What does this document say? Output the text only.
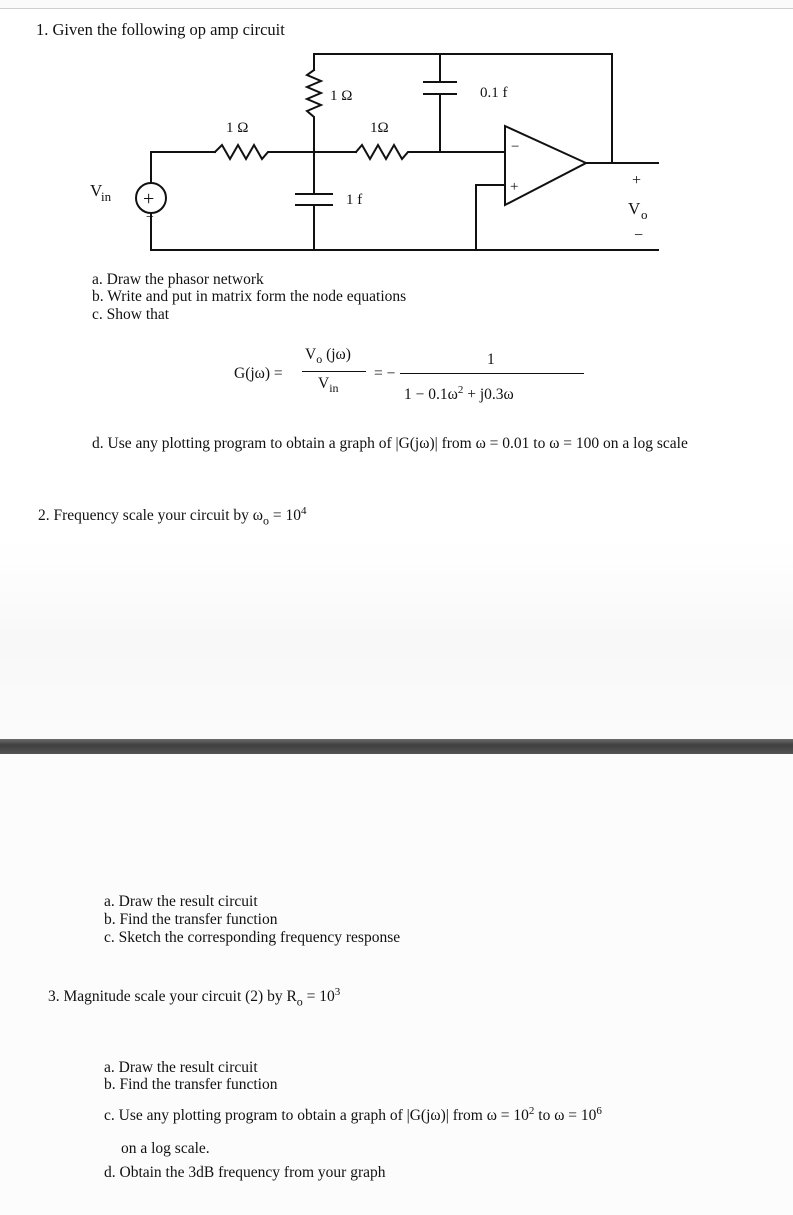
1. Given the following op amp circuit
+
−
−
+
1 Ω
1 Ω
1Ω
0.1 f
1 f
V
in
+
V o
−
a. Draw the phasor network
b. Write and put in matrix form the node equations
c. Show that
G(jω) =
$V_o$ (jω)
$V_{in}$
= −
1
$1 - 0.1\omega^2 + j0.3\omega$
d. Use any plotting program to obtain a graph of |G(jω)| from ω = 0.01 to ω = 100 on a log scale
2. Frequency scale your circuit by $\omega_o = 10^4$
a. Draw the result circuit
b. Find the transfer function
c. Sketch the corresponding frequency response
3. Magnitude scale your circuit (2) by $R_o = 10^3$
a. Draw the result circuit
b. Find the transfer function
c. Use any plotting program to obtain a graph of |G(jω)| from $\omega = 10^2$ to $\omega = 10^6$
on a log scale.
d. Obtain the 3dB frequency from your graph
